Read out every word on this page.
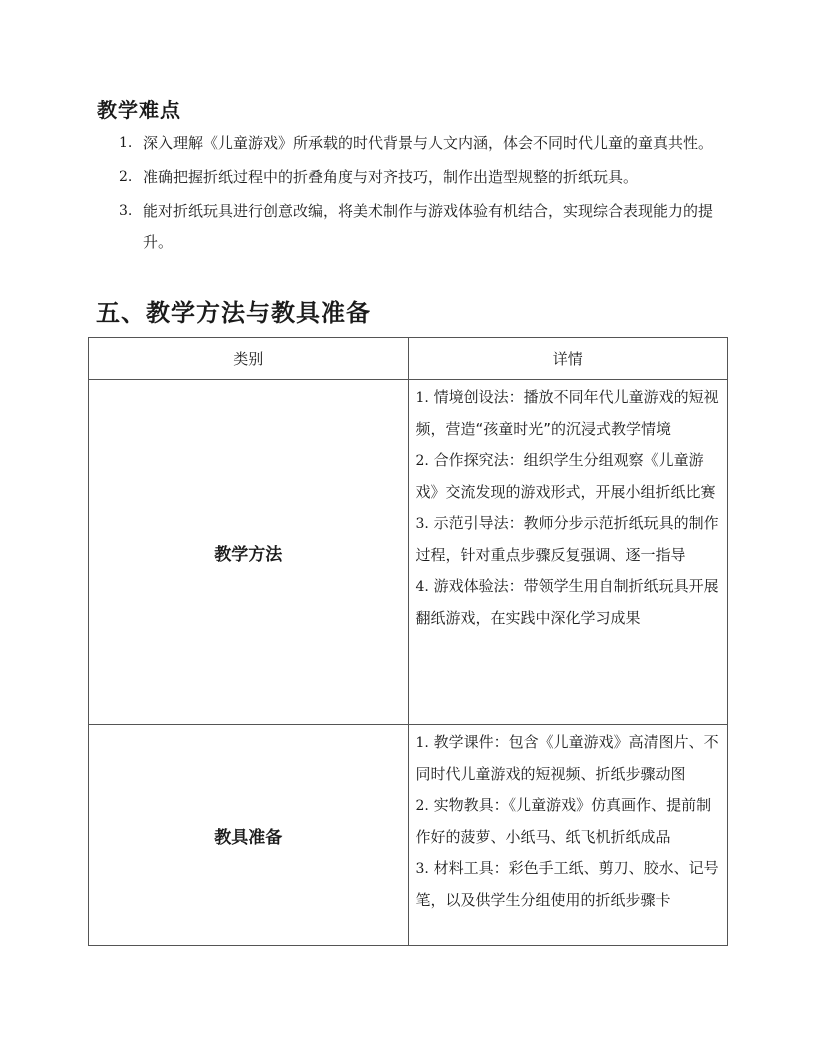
教学难点
1. 深入理解《儿童游戏》所承载的时代背景与人文内涵，体会不同时代儿童的童真共性。
2. 准确把握折纸过程中的折叠角度与对齐技巧，制作出造型规整的折纸玩具。
3. 能对折纸玩具进行创意改编，将美术制作与游戏体验有机结合，实现综合表现能力的提升。
五、教学方法与教具准备
类别	详情
教学方法	1. 情境创设法：播放不同年代儿童游戏的短视频，营造“孩童时光”的沉浸式教学情境

2. 合作探究法：组织学生分组观察《儿童游戏》交流发现的游戏形式，开展小组折纸比赛

3. 示范引导法：教师分步示范折纸玩具的制作过程，针对重点步骤反复强调、逐一指导

4. 游戏体验法：带领学生用自制折纸玩具开展翻纸游戏，在实践中深化学习成果

教具准备	1. 教学课件：包含《儿童游戏》高清图片、不同时代儿童游戏的短视频、折纸步骤动图

2. 实物教具：《儿童游戏》仿真画作、提前制作好的菠萝、小纸马、纸飞机折纸成品

3. 材料工具：彩色手工纸、剪刀、胶水、记号笔，以及供学生分组使用的折纸步骤卡
